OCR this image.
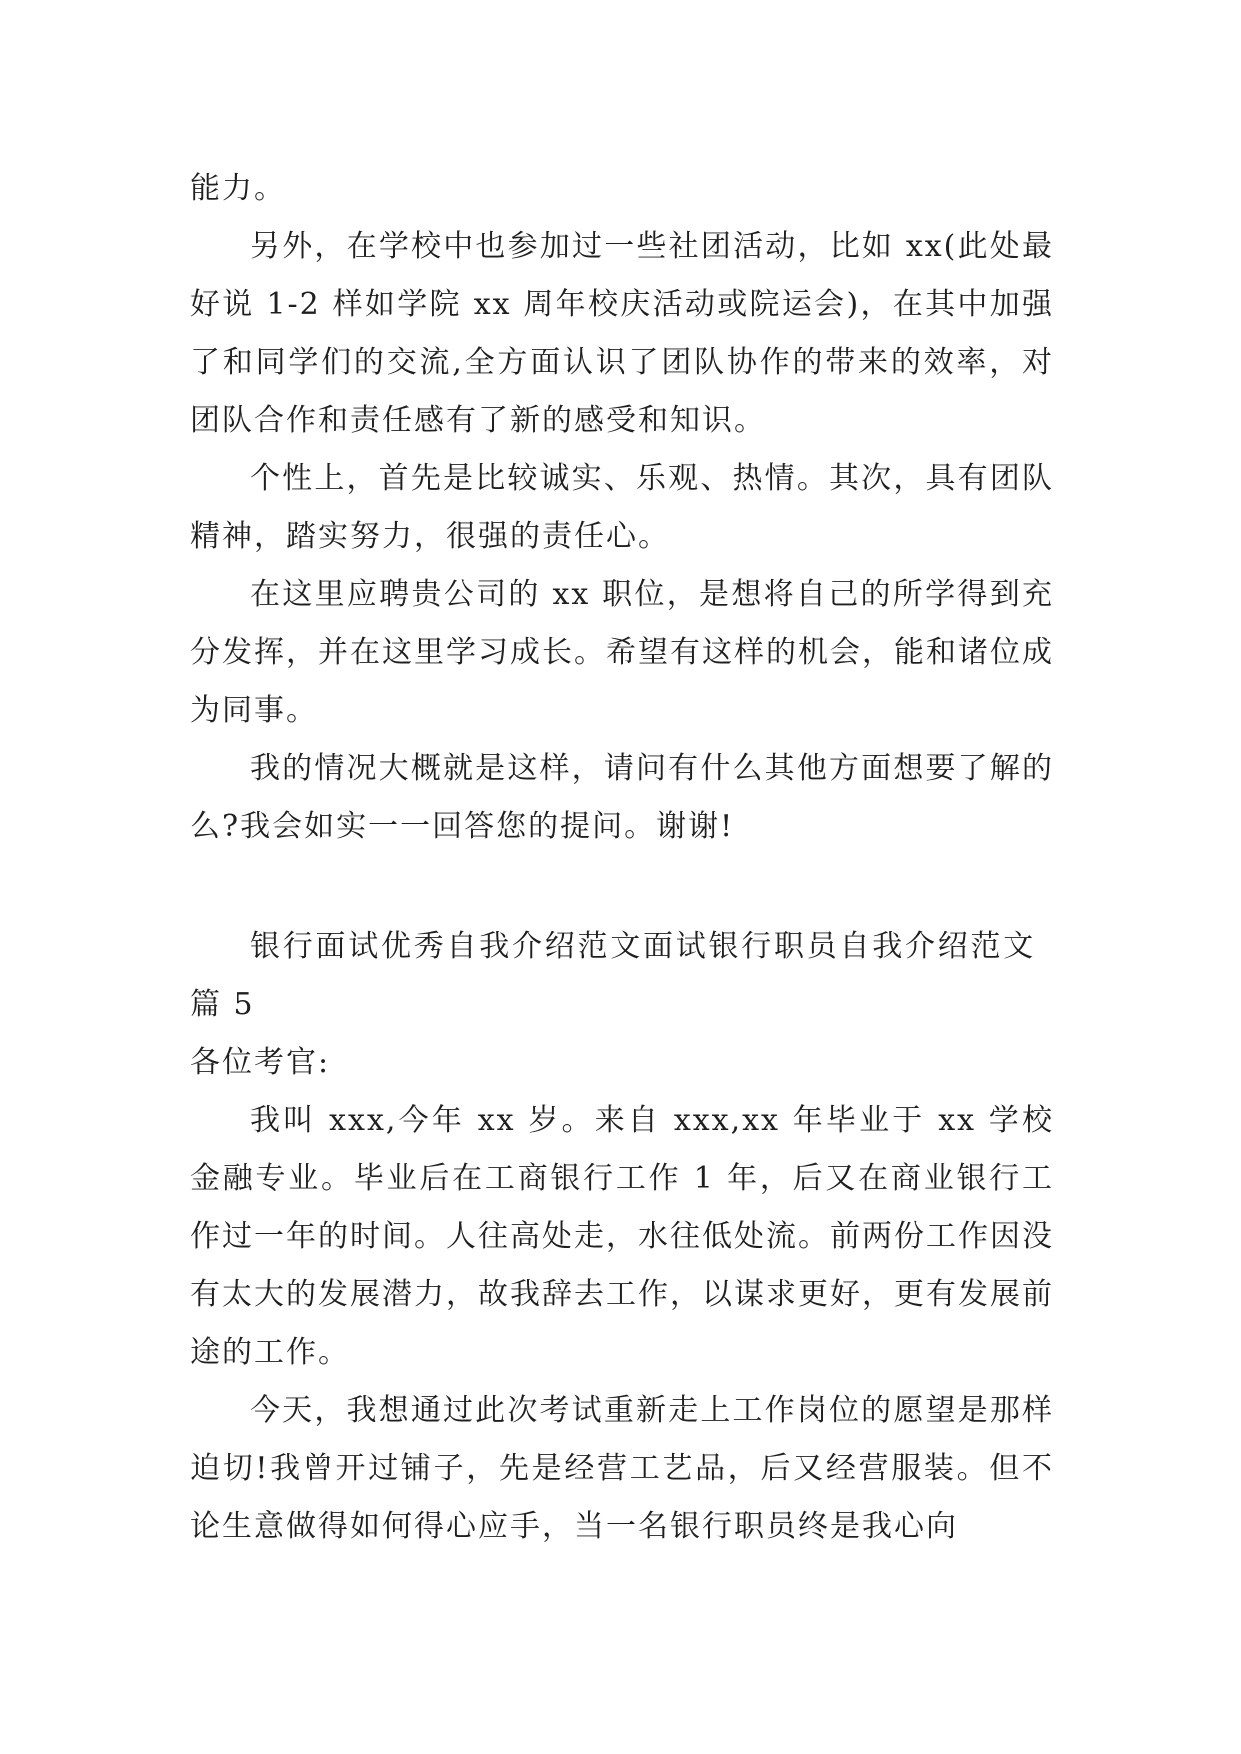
能力。

另外，在学校中也参加过一些社团活动，比如 xx(此处最好说 1-2 样如学院 xx 周年校庆活动或院运会)，在其中加强了和同学们的交流,全方面认识了团队协作的带来的效率，对团队合作和责任感有了新的感受和知识。

个性上，首先是比较诚实、乐观、热情。其次，具有团队精神，踏实努力，很强的责任心。

在这里应聘贵公司的 xx 职位，是想将自己的所学得到充分发挥，并在这里学习成长。希望有这样的机会，能和诸位成为同事。

我的情况大概就是这样，请问有什么其他方面想要了解的么?我会如实一一回答您的提问。谢谢!

银行面试优秀自我介绍范文面试银行职员自我介绍范文篇 5

各位考官:

我叫 xxx,今年 xx 岁。来自 xxx,xx 年毕业于 xx 学校金融专业。毕业后在工商银行工作 1 年，后又在商业银行工作过一年的时间。人往高处走，水往低处流。前两份工作因没有太大的发展潜力，故我辞去工作，以谋求更好，更有发展前途的工作。

今天，我想通过此次考试重新走上工作岗位的愿望是那样迫切!我曾开过铺子，先是经营工艺品，后又经营服装。但不论生意做得如何得心应手，当一名银行职员终是我心向
